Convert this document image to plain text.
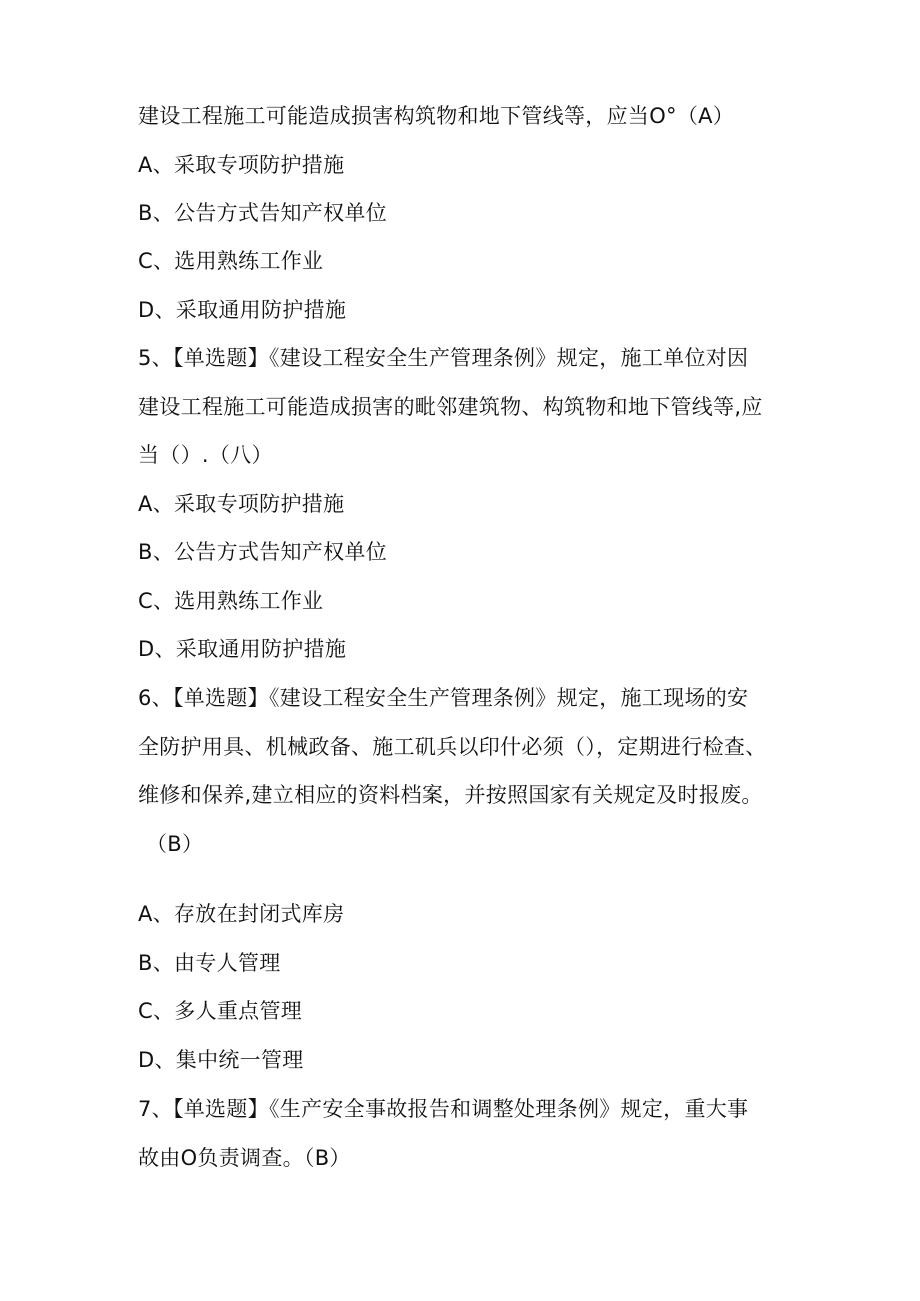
建设工程施工可能造成损害构筑物和地下管线等，应当O°（A）
A、采取专项防护措施
B、公告方式告知产权单位
C、选用熟练工作业
D、采取通用防护措施
5、【单选题】《建设工程安全生产管理条例》规定，施工单位对因
建设工程施工可能造成损害的毗邻建筑物、构筑物和地下管线等,应
当（）.（八）
A、采取专项防护措施
B、公告方式告知产权单位
C、选用熟练工作业
D、采取通用防护措施
6、【单选题】《建设工程安全生产管理条例》规定，施工现场的安
全防护用具、机械政备、施工矶兵以印什必须（），定期进行检查、
维修和保养,建立相应的资料档案，并按照国家有关规定及时报废。
（B）
A、存放在封闭式库房
B、由专人管理
C、多人重点管理
D、集中统一管理
7、【单选题】《生产安全事故报告和调整处理条例》规定，重大事
故由O负责调查。（B）
